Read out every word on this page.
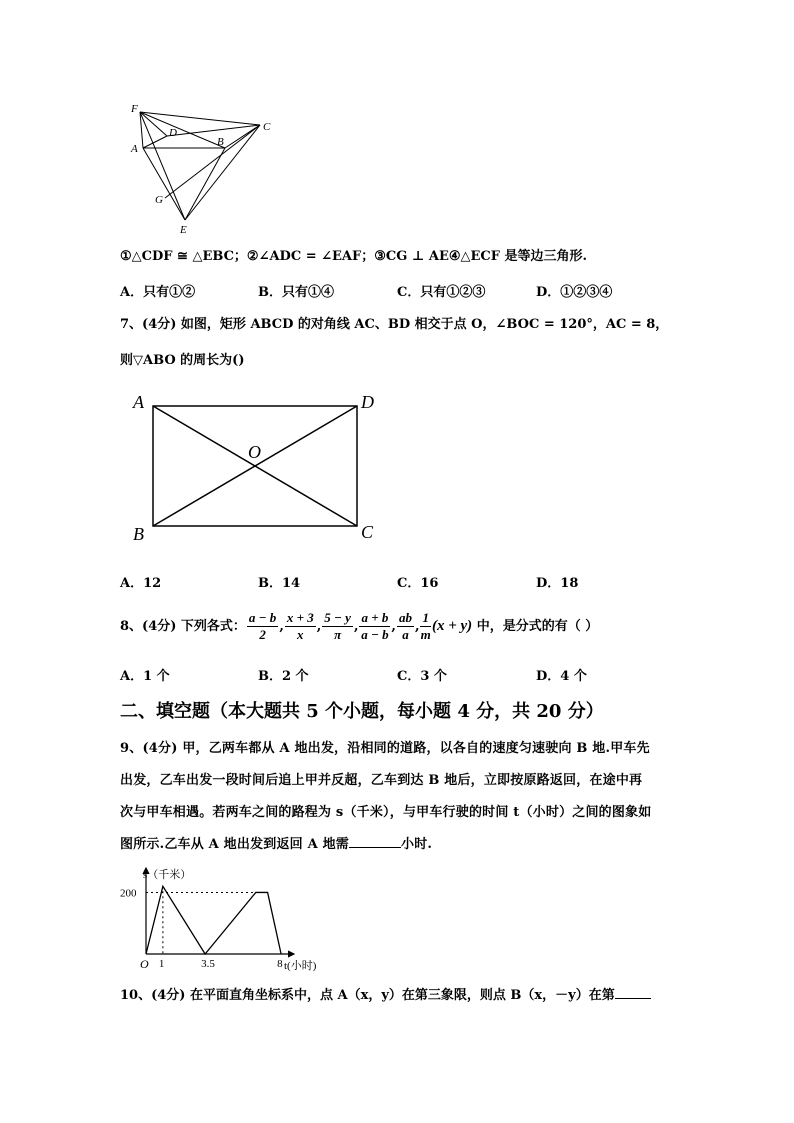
F
D	C
A
B
G
E
①△CDF ≅ △EBC；②∠ADC = ∠EAF；③CG ⊥ AE④△ECF 是等边三角形.
A．只有①②	B．只有①④	C．只有①②③	D．①②③④
7、(4分) 如图，矩形 ABCD 的对角线 AC、BD 相交于点 O，∠BOC = 120°，AC = 8，
则▽ABO 的周长为()
A	D
O
B	C
A．12	B．14	C．16	D．18
8、(4分) 下列各式： $\frac{a - b}{2}$ , $\frac{x + 3}{x}$ , $\frac{5 - y}{\pi}$ , $\frac{a + b}{a - b}$ , $\frac{ab}{a}$ , $\frac{1}{m} (x + y)$ 中，是分式的有（ ）
A．1 个	B．2 个	C．3 个	D．4 个
二、填空题（本大题共 5 个小题，每小题 4 分，共 20 分）
9、(4分) 甲，乙两车都从 A 地出发，沿相同的道路，以各自的速度匀速驶向 B 地.甲车先
出发，乙车出发一段时间后追上甲并反超，乙车到达 B 地后，立即按原路返回，在途中再
次与甲车相遇。若两车之间的路程为 s（千米），与甲车行驶的时间 t（小时）之间的图象如
图所示.乙车从 A 地出发到返回 A 地需	小时.
s（千米）
t(小时)
O 1	3.5	8
200
10、(4分) 在平面直角坐标系中，点 A（x，y）在第三象限，则点 B（x，－y）在第
